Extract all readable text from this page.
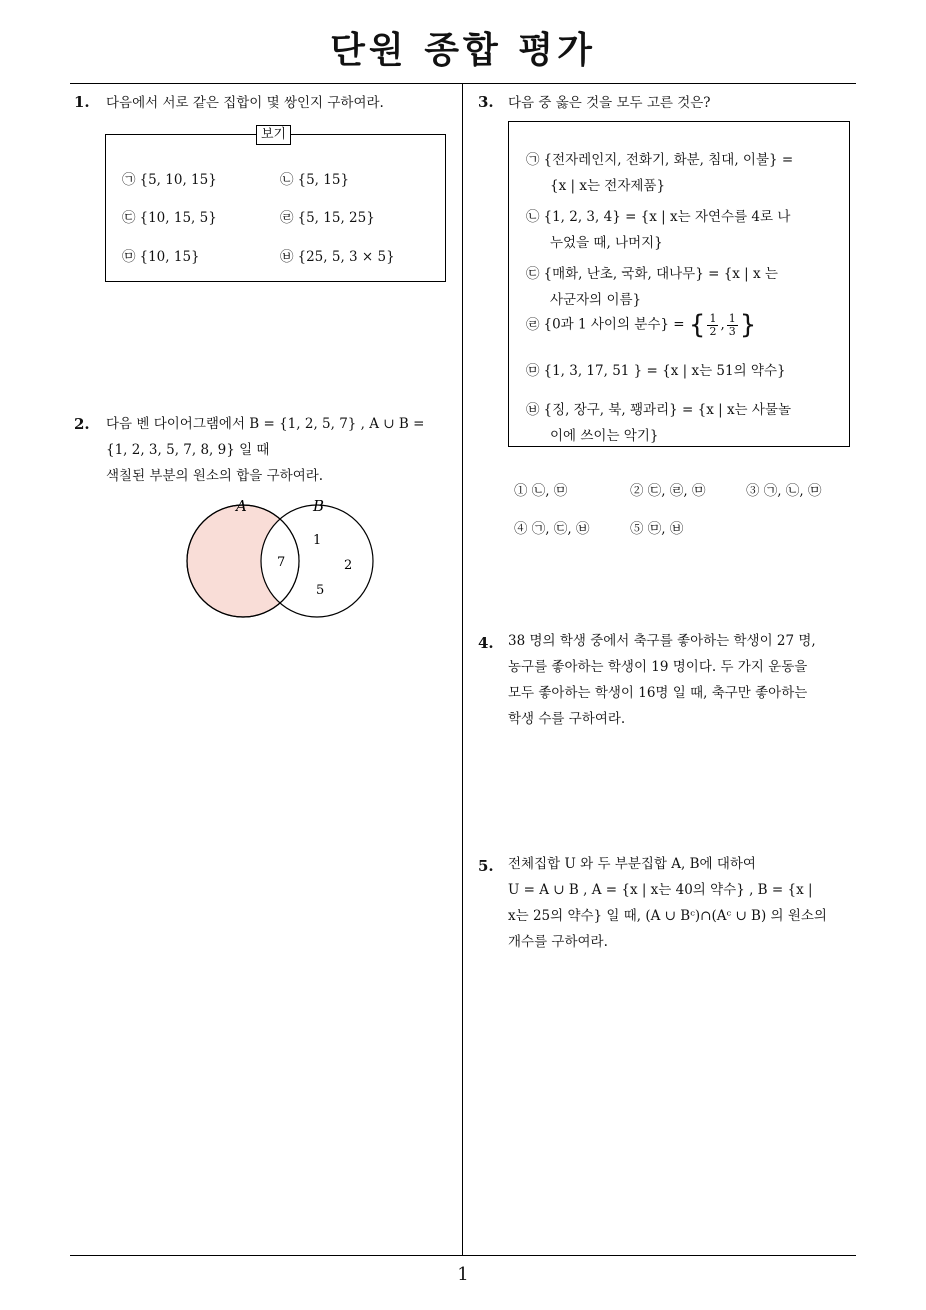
단원 종합 평가
1. 다음에서 서로 같은 집합이 몇 쌍인지 구하여라.
보기
㉠ {5, 10, 15}	㉡ {5, 15}
㉢ {10, 15, 5}	㉣ {5, 15, 25}
㉤ {10, 15}	㉥ {25, 5, 3 × 5}
2. 다음 벤 다이어그램에서 B = {1, 2, 5, 7} , A ∪ B =
{1, 2, 3, 5, 7, 8, 9} 일 때
색칠된 부분의 원소의 합을 구하여라.
A	B
7
1
2
5
3. 다음 중 옳은 것을 모두 고른 것은?
㉠ {전자레인지, 전화기, 화분, 침대, 이불} =
{x | x는 전자제품}
㉡ {1, 2, 3, 4} = {x | x는 자연수를 4로 나
누었을 때, 나머지}
㉢ {매화, 난초, 국화, 대나무} = {x | x 는
사군자의 이름}
㉣ {0과 1 사이의 분수} = { $\frac{1}{2}$ , $\frac{1}{3}$ }
㉤ {1, 3, 17, 51 } = {x | x는 51의 약수}
㉥ {징, 장구, 북, 꽹과리} = {x | x는 사물놀
이에 쓰이는 악기}
① ㉡, ㉤	② ㉢, ㉣, ㉤	③ ㉠, ㉡, ㉤
④ ㉠, ㉢, ㉥	⑤ ㉤, ㉥
4. 38 명의 학생 중에서 축구를 좋아하는 학생이 27 명,
농구를 좋아하는 학생이 19 명이다. 두 가지 운동을
모두 좋아하는 학생이 16명 일 때, 축구만 좋아하는
학생 수를 구하여라.
5. 전체집합 U 와 두 부분집합 A, B에 대하여
U = A ∪ B , A = {x | x는 40의 약수} , B = {x |
x는 25의 약수} 일 때, (A ∪ Bᶜ)∩(Aᶜ ∪ B) 의 원소의
개수를 구하여라.
1
